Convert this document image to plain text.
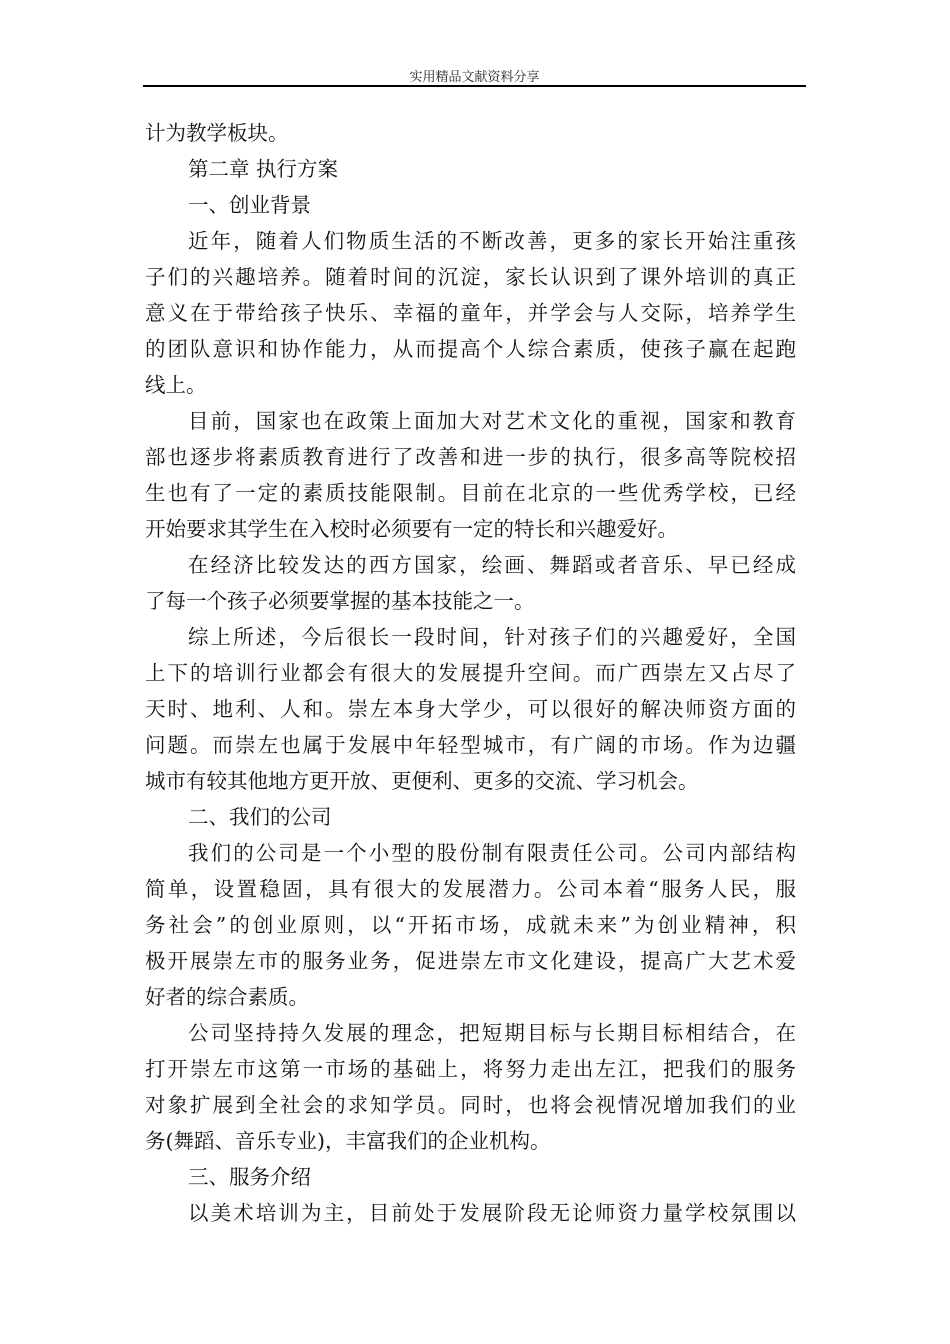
实用精品文献资料分享
计为教学板块。
第二章 执行方案
一、创业背景
近年，随着人们物质生活的不断改善，更多的家长开始注重孩
子们的兴趣培养。随着时间的沉淀，家长认识到了课外培训的真正
意义在于带给孩子快乐、幸福的童年，并学会与人交际，培养学生
的团队意识和协作能力，从而提高个人综合素质，使孩子赢在起跑
线上。
目前，国家也在政策上面加大对艺术文化的重视，国家和教育
部也逐步将素质教育进行了改善和进一步的执行，很多高等院校招
生也有了一定的素质技能限制。目前在北京的一些优秀学校，已经
开始要求其学生在入校时必须要有一定的特长和兴趣爱好。
在经济比较发达的西方国家，绘画、舞蹈或者音乐、早已经成
了每一个孩子必须要掌握的基本技能之一。
综上所述，今后很长一段时间，针对孩子们的兴趣爱好，全国
上下的培训行业都会有很大的发展提升空间。而广西崇左又占尽了
天时、地利、人和。崇左本身大学少，可以很好的解决师资方面的
问题。而崇左也属于发展中年轻型城市，有广阔的市场。作为边疆
城市有较其他地方更开放、更便利、更多的交流、学习机会。
二、我们的公司
我们的公司是一个小型的股份制有限责任公司。公司内部结构
简单，设置稳固，具有很大的发展潜力。公司本着“服务人民，服
务社会”的创业原则，以“开拓市场，成就未来”为创业精神，积
极开展崇左市的服务业务，促进崇左市文化建设，提高广大艺术爱
好者的综合素质。
公司坚持持久发展的理念，把短期目标与长期目标相结合，在
打开崇左市这第一市场的基础上，将努力走出左江，把我们的服务
对象扩展到全社会的求知学员。同时，也将会视情况增加我们的业
务(舞蹈、音乐专业)，丰富我们的企业机构。
三、服务介绍
以美术培训为主，目前处于发展阶段无论师资力量学校氛围以
